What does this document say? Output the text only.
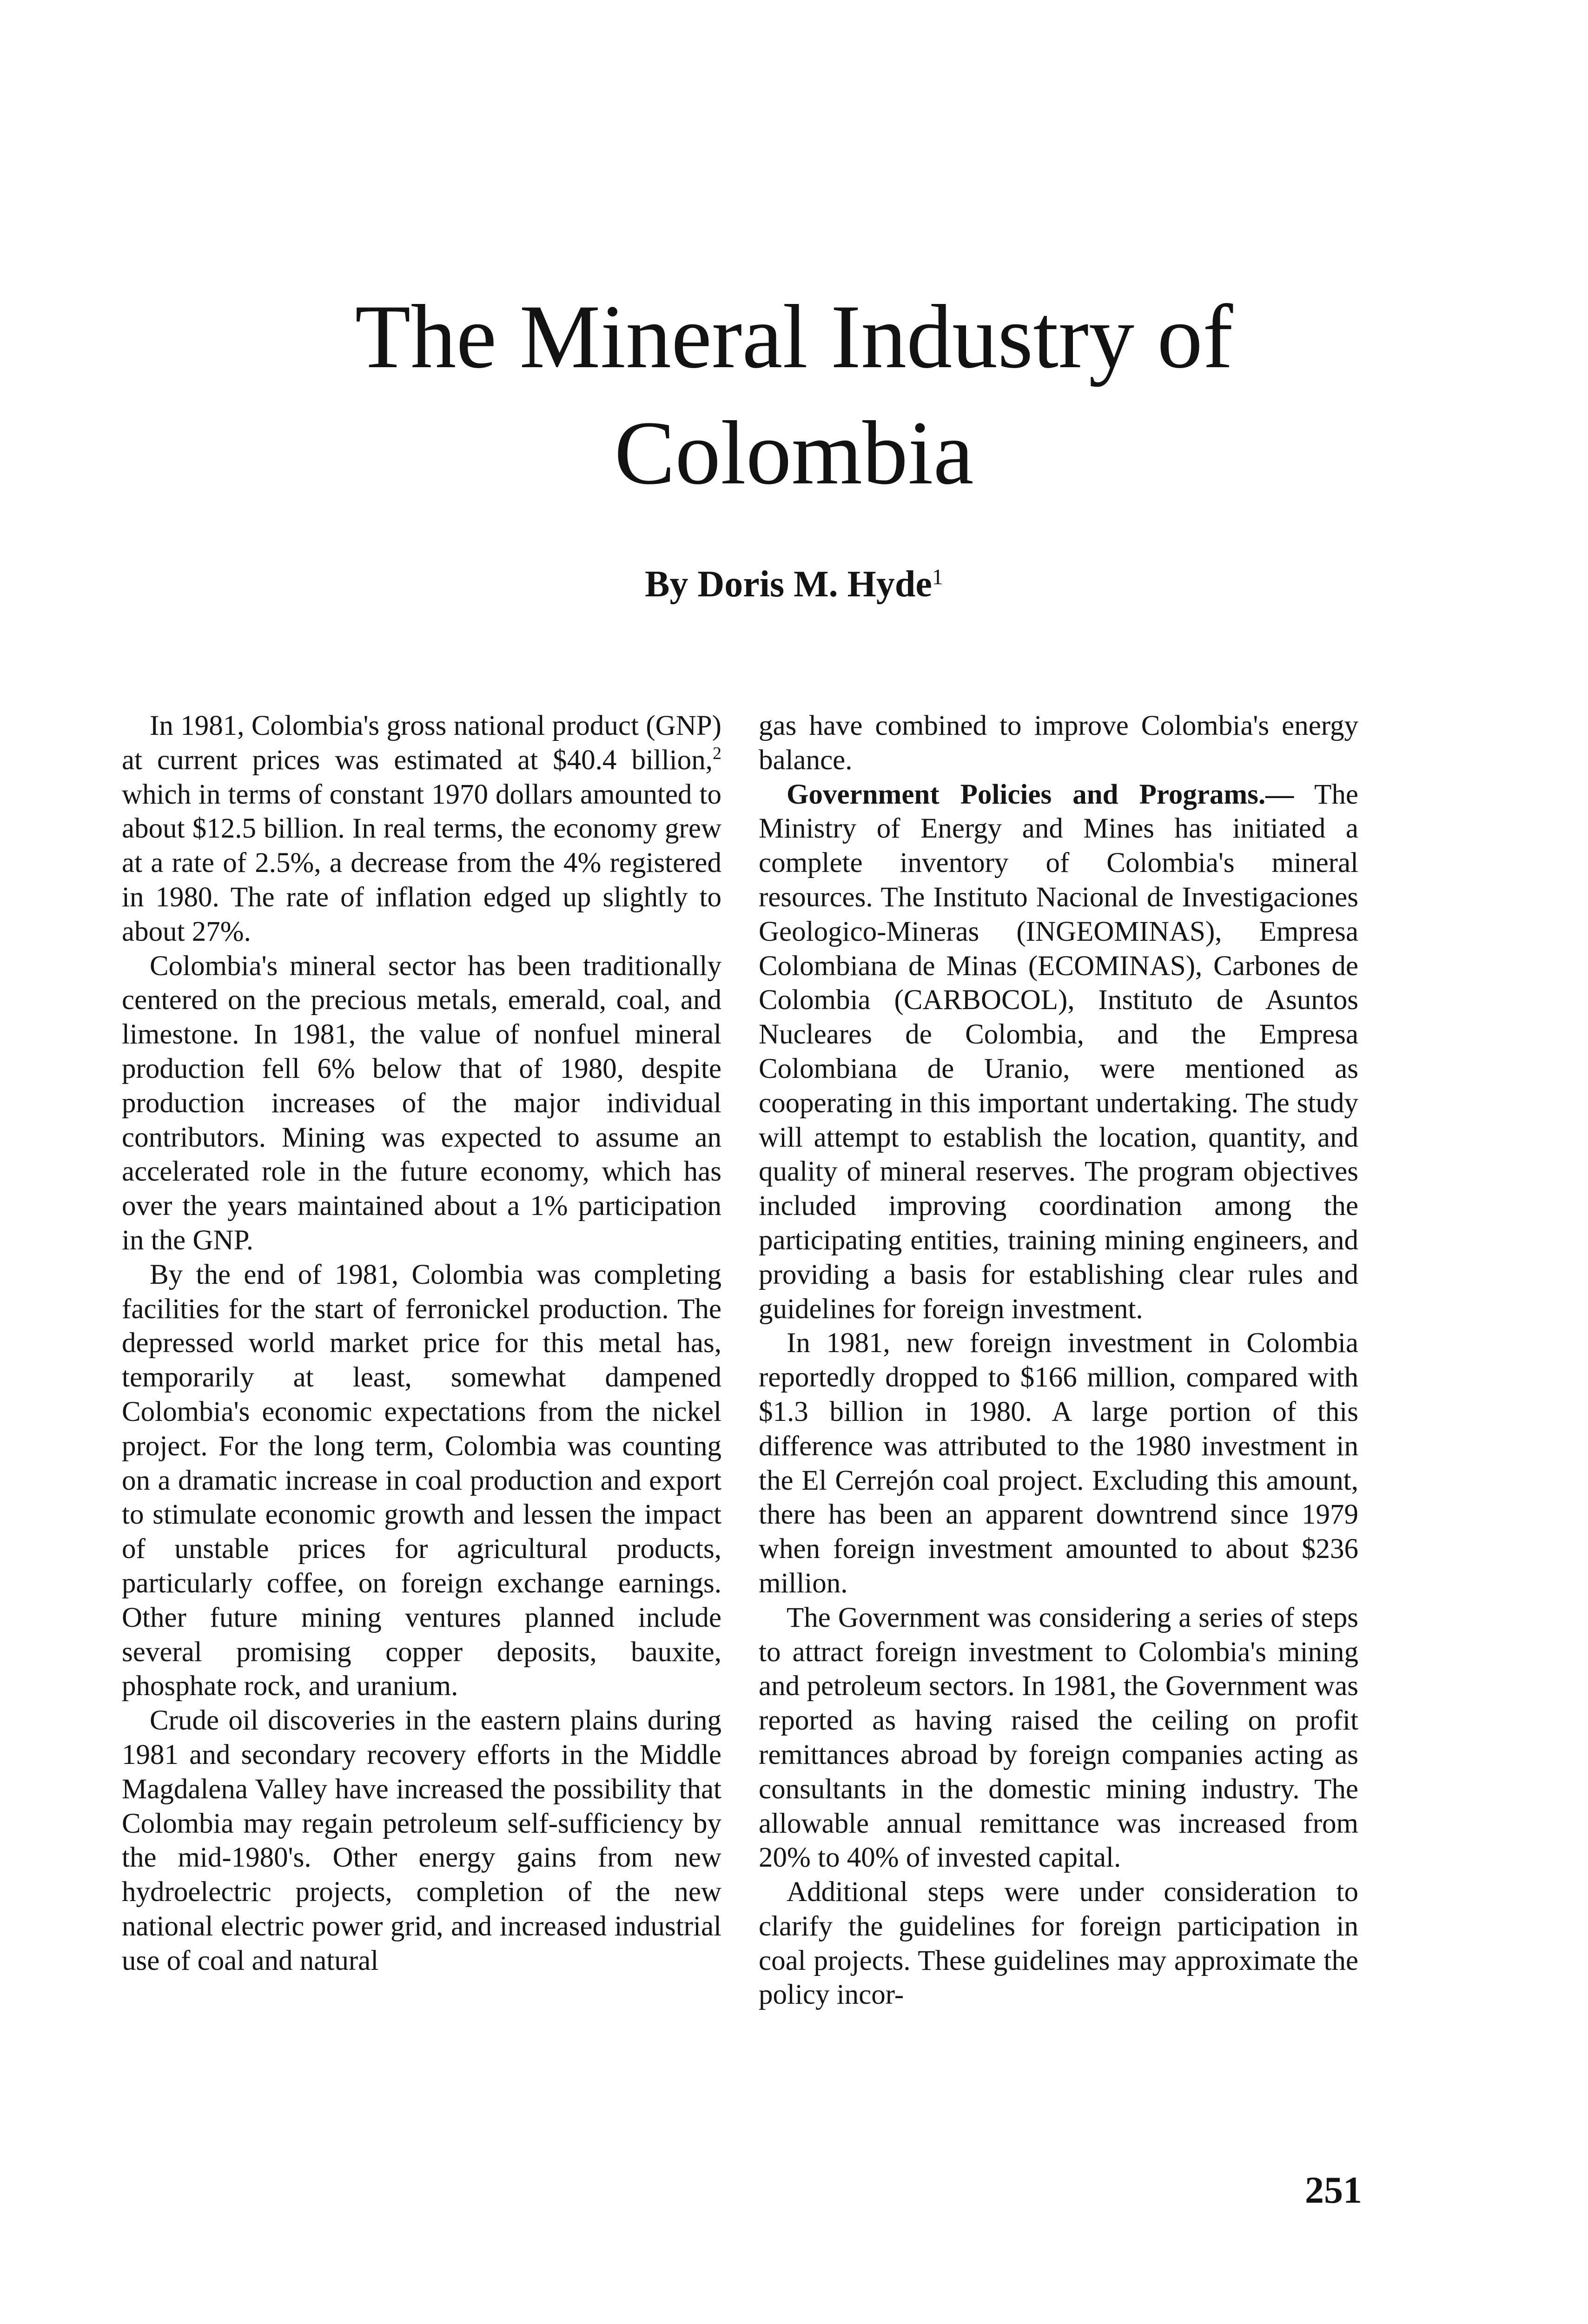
The Mineral Industry of
Colombia
By Doris M. Hyde$^1$

In 1981, Colombia's gross national product (GNP) at current prices was estimated at $40.4 billion,$^2$ which in terms of constant 1970 dollars amounted to about $12.5 billion. In real terms, the economy grew at a rate of 2.5%, a decrease from the 4% registered in 1980. The rate of inflation edged up slightly to about 27%.

Colombia's mineral sector has been traditionally centered on the precious metals, emerald, coal, and limestone. In 1981, the value of nonfuel mineral production fell 6% below that of 1980, despite production increases of the major individual contributors. Mining was expected to assume an accelerated role in the future economy, which has over the years maintained about a 1% participation in the GNP.

By the end of 1981, Colombia was completing facilities for the start of ferronickel production. The depressed world market price for this metal has, temporarily at least, somewhat dampened Colombia's economic expectations from the nickel project. For the long term, Colombia was counting on a dramatic increase in coal production and export to stimulate economic growth and lessen the impact of unstable prices for agricultural products, particularly coffee, on foreign exchange earnings. Other future mining ventures planned include several promising copper deposits, bauxite, phosphate rock, and uranium.

Crude oil discoveries in the eastern plains during 1981 and secondary recovery efforts in the Middle Magdalena Valley have increased the possibility that Colombia may regain petroleum self-sufficiency by the mid-1980's. Other energy gains from new hydroelectric projects, completion of the new national electric power grid, and increased industrial use of coal and natural

gas have combined to improve Colombia's energy balance.

Government Policies and Programs.— The Ministry of Energy and Mines has initiated a complete inventory of Colombia's mineral resources. The Instituto Nacional de Investigaciones Geologico-Mineras (INGEOMINAS), Empresa Colombiana de Minas (ECOMINAS), Carbones de Colombia (CARBOCOL), Instituto de Asuntos Nucleares de Colombia, and the Empresa Colombiana de Uranio, were mentioned as cooperating in this important undertaking. The study will attempt to establish the location, quantity, and quality of mineral reserves. The program objectives included improving coordination among the participating entities, training mining engineers, and providing a basis for establishing clear rules and guidelines for foreign investment.

In 1981, new foreign investment in Colombia reportedly dropped to $166 million, compared with $1.3 billion in 1980. A large portion of this difference was attributed to the 1980 investment in the El Cerrejón coal project. Excluding this amount, there has been an apparent downtrend since 1979 when foreign investment amounted to about $236 million.

The Government was considering a series of steps to attract foreign investment to Colombia's mining and petroleum sectors. In 1981, the Government was reported as having raised the ceiling on profit remittances abroad by foreign companies acting as consultants in the domestic mining industry. The allowable annual remittance was increased from 20% to 40% of invested capital.

Additional steps were under consideration to clarify the guidelines for foreign participation in coal projects. These guidelines may approximate the policy incor-

251
